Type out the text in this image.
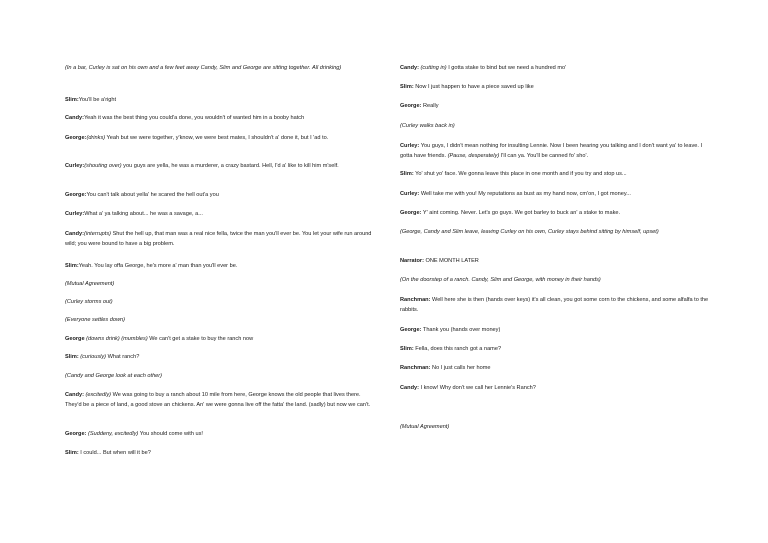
(In a bar, Curley is sat on his own and a few feet away Candy, Slim and George are sitting together. All drinking)
Slim:You'll be a'right
Candy:Yeah it was the best thing you could'a done, you wouldn't of wanted him in a booby hatch
George:(drinks) Yeah but we were together, y'know, we were best mates, I shouldn't a' done it, but I 'ad to.
Curley:(shouting over) you guys are yella, he was a murderer, a crazy bastard. Hell, I'd a' like to kill him m'self.
George:You can't talk about yella' he scared the hell out'a you
Curley:What a' ya talking about... he was a savage, a...
Candy:(interrupts) Shut the hell up, that man was a real nice fella, twice the man you'll ever be. You let your wife run around wild; you were bound to have a big problem.
Slim:Yeah. You lay offa George, he's more a' man than you'll ever be.
(Mutual Agreement)
(Curley storms out)
(Everyone settles down)
George (downs drink) (mumbles) We can't get a stake to buy the ranch now
Slim: (curiously) What ranch?
(Candy and George look at each other)
Candy: (excitedly) We was going to buy a ranch about 10 mile from here, George knows the old people that lives there. They'd be a piece of land, a good stove an chickens. An' we were gonna live off the fatta' the land. (sadly) but now we can't.
George: (Suddeny, excitedly) You should come with us!
Slim: I could... But when will it be?
Candy: (cutting in) I gotta stake to bind but we need a hundred mo'
Slim: Now I just happen to have a piece saved up like
George: Really
(Curley walks back in)
Curley: You guys, I didn't mean nothing for insulting Lennie. Now I been hearing you talking and I don't want ya' to leave. I gotta have friends. (Pause, desperately) I'll can ya. You'll be canned fo' sho'.
Slim: Yo' shut yo' face. We gonna leave this place in one month and if you try and stop us...
Curley: Well take me with you! My reputations as bust as my hand now, cm'on, I got money...
George: Y' aint coming. Never. Let's go guys. We got barley to buck an' a stake to make.
(George, Candy and Slim leave, leaving Curley on his own, Curley stays behind sitting by himself, upset)
Narrator: ONE MONTH LATER
(On the doorstep of a ranch. Candy, Slim and George, with money in their hands)
Ranchman: Well here she is then (hands over keys) it's all clean, you got some corn to the chickens, and some alfalfa to the rabbits.
George: Thank you (hands over money)
Slim: Fella, does this ranch got a name?
Ranchman: No I just calls her home
Candy: I know! Why don't we call her Lennie's Ranch?
(Mutual Agreement)
